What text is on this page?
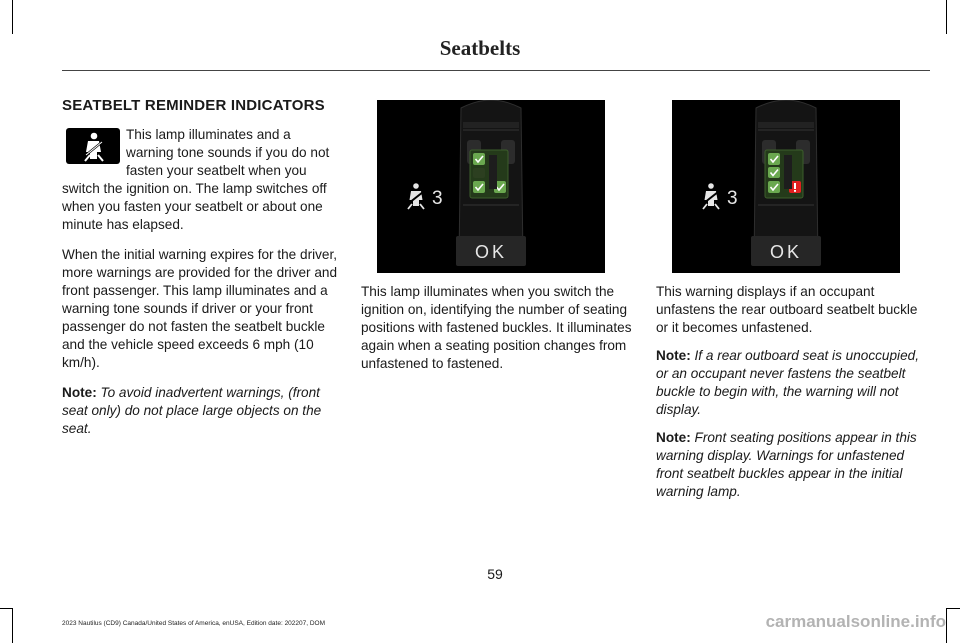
Seatbelts
SEATBELT REMINDER INDICATORS

This lamp illuminates and a warning tone sounds if you do not fasten your seatbelt when you switch the ignition on. The lamp switches off when you fasten your seatbelt or about one minute has elapsed.

When the initial warning expires for the driver, more warnings are provided for the driver and front passenger. This lamp illuminates and a warning tone sounds if driver or your front passenger do not fasten the seatbelt buckle and the vehicle speed exceeds 6 mph (10 km/h).

Note: To avoid inadvertent warnings, (front seat only) do not place large objects on the seat.

3
OK
3
OK

This lamp illuminates when you switch the ignition on, identifying the number of seating positions with fastened buckles. It illuminates again when a seating position changes from unfastened to fastened.

This warning displays if an occupant unfastens the rear outboard seatbelt buckle or it becomes unfastened.

Note: If a rear outboard seat is unoccupied, or an occupant never fastens the seatbelt buckle to begin with, the warning will not display.

Note: Front seating positions appear in this warning display. Warnings for unfastened front seatbelt buckles appear in the initial warning lamp.

59
2023 Nautilus (CD9) Canada/United States of America, enUSA, Edition date: 202207, DOM	carmanualsonline.info
